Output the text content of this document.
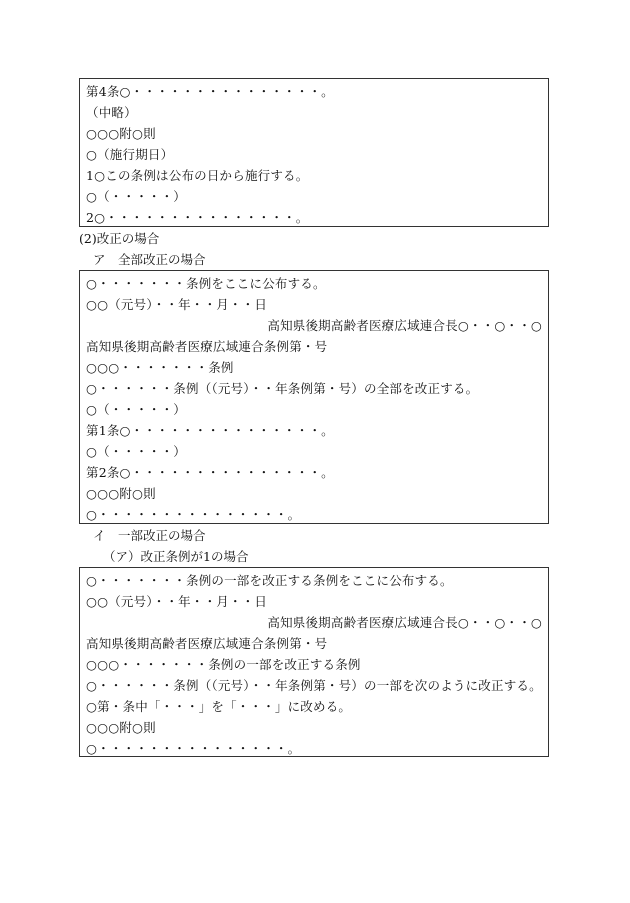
第4条○・・・・・・・・・・・・・・・。
（中略）
○○○附○則
○（施行期日）
1○この条例は公布の日から施行する。
○（・・・・・）
2○・・・・・・・・・・・・・・・。
(2)改正の場合
ア　全部改正の場合
○・・・・・・・条例をここに公布する。
○○（元号）・・年・・月・・日
高知県後期高齢者医療広域連合長○・・○・・○
高知県後期高齢者医療広域連合条例第・号
○○○・・・・・・・条例
○・・・・・・条例（（元号）・・年条例第・号）の全部を改正する。
○（・・・・・）
第1条○・・・・・・・・・・・・・・・。
○（・・・・・）
第2条○・・・・・・・・・・・・・・・。
○○○附○則
○・・・・・・・・・・・・・・・。
イ　一部改正の場合
（ア）改正条例が1の場合
○・・・・・・・条例の一部を改正する条例をここに公布する。
○○（元号）・・年・・月・・日
高知県後期高齢者医療広域連合長○・・○・・○
高知県後期高齢者医療広域連合条例第・号
○○○・・・・・・・条例の一部を改正する条例
○・・・・・・条例（（元号）・・年条例第・号）の一部を次のように改正する。
○第・条中「・・・」を「・・・」に改める。
○○○附○則
○・・・・・・・・・・・・・・・。
